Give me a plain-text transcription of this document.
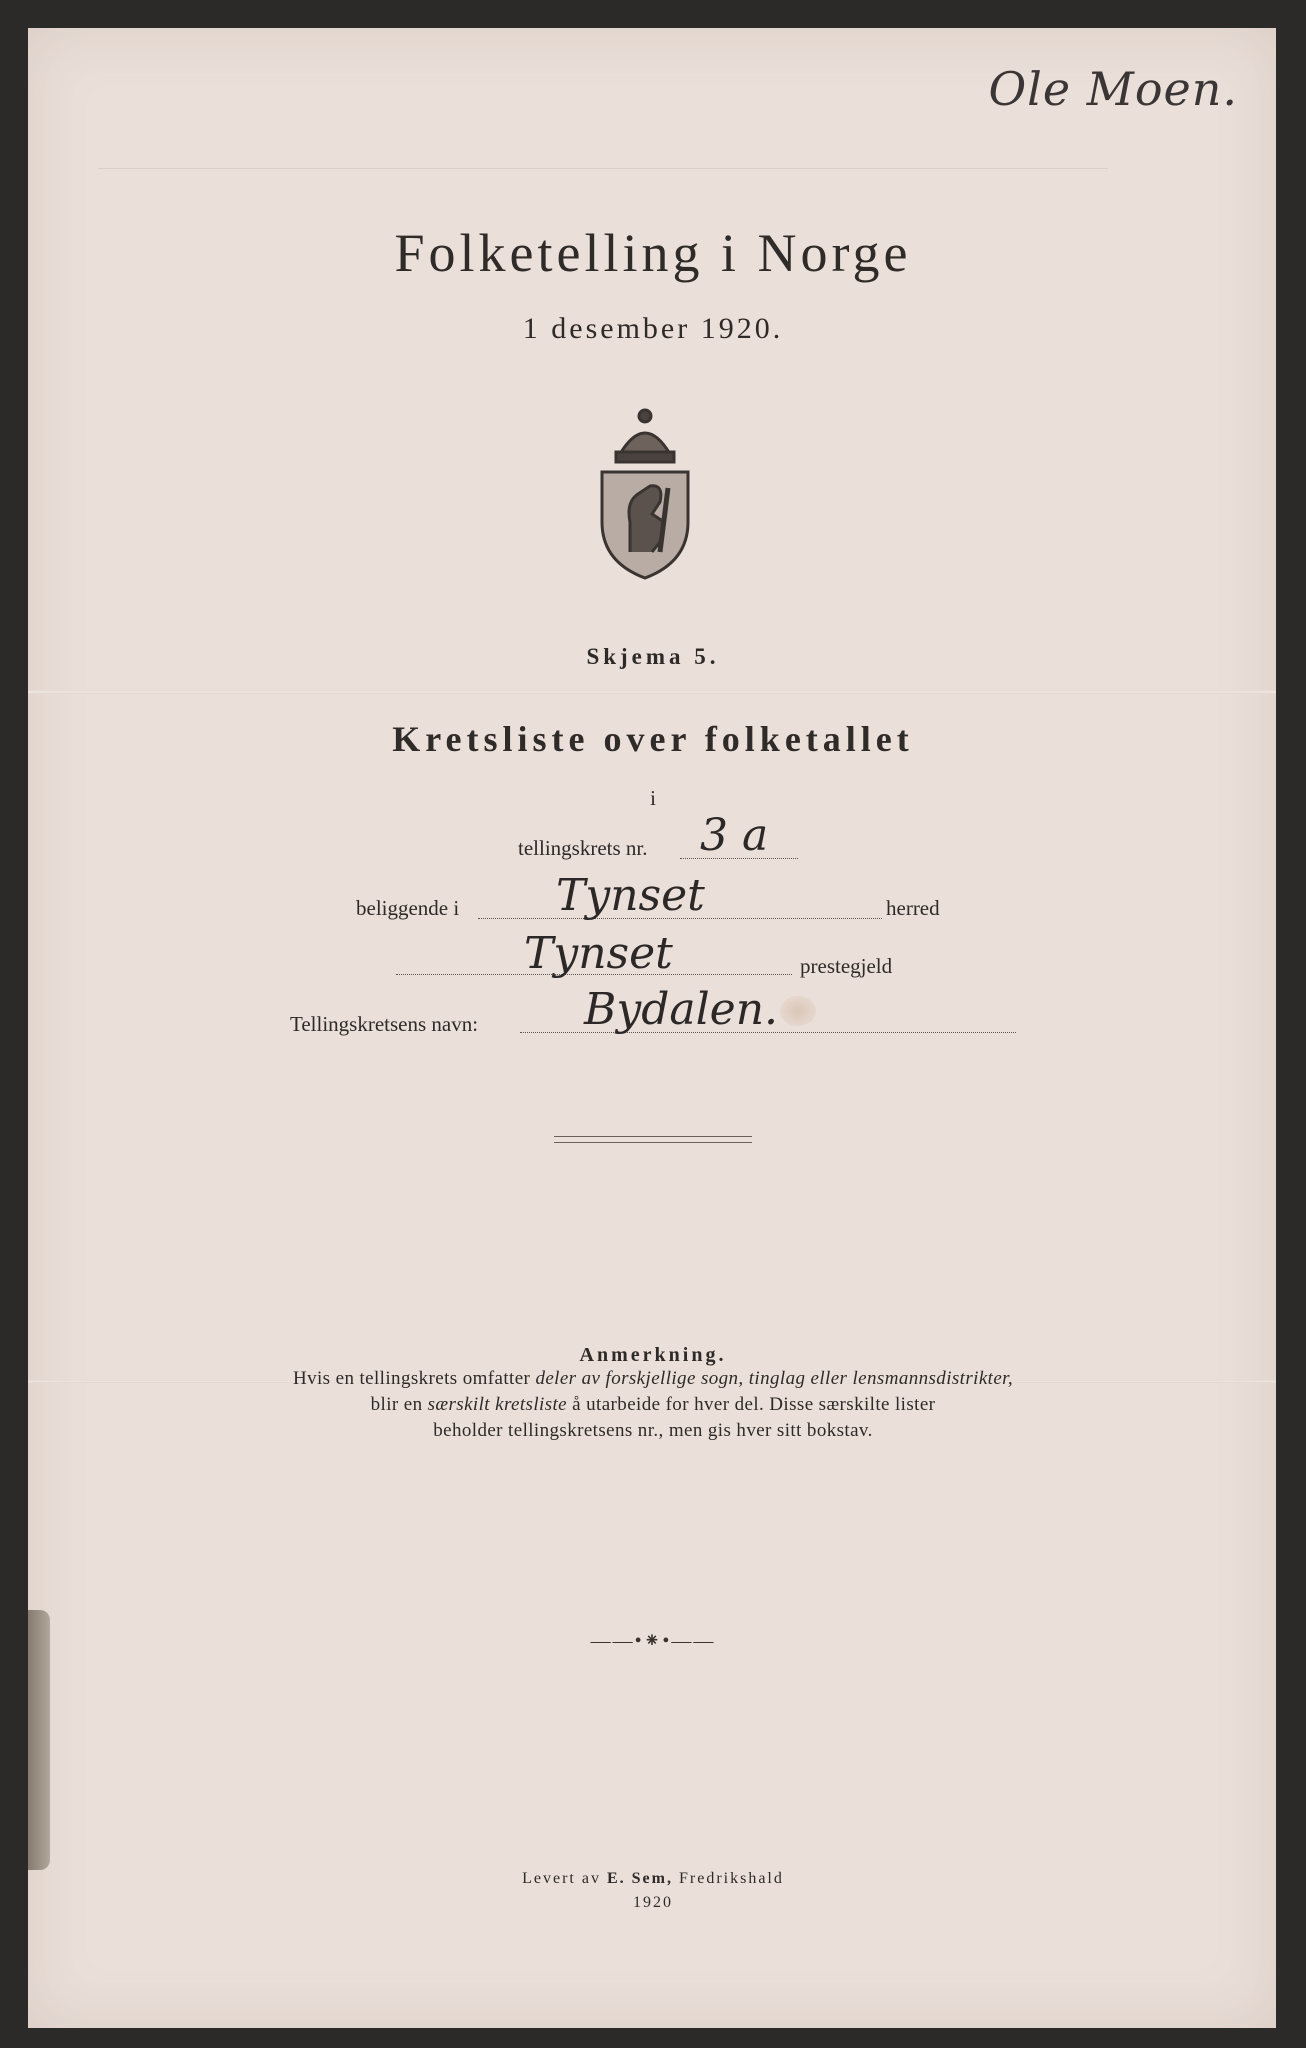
Ole Moen.
Folketelling i Norge
1 desember 1920.
Skjema 5.
Kretsliste over folketallet
i
tellingskrets nr. 3 a
beliggende i Tynset	herred
Tynset	prestegjeld
Tellingskretsens navn: Bydalen.
Anmerkning.
Hvis en tellingskrets omfatter deler av forskjellige sogn, tinglag eller lensmannsdistrikter,
blir en særskilt kretsliste å utarbeide for hver del. Disse særskilte lister
beholder tellingskretsens nr., men gis hver sitt bokstav.
——•⁕•——
Levert av E. Sem, Fredrikshald
1920
